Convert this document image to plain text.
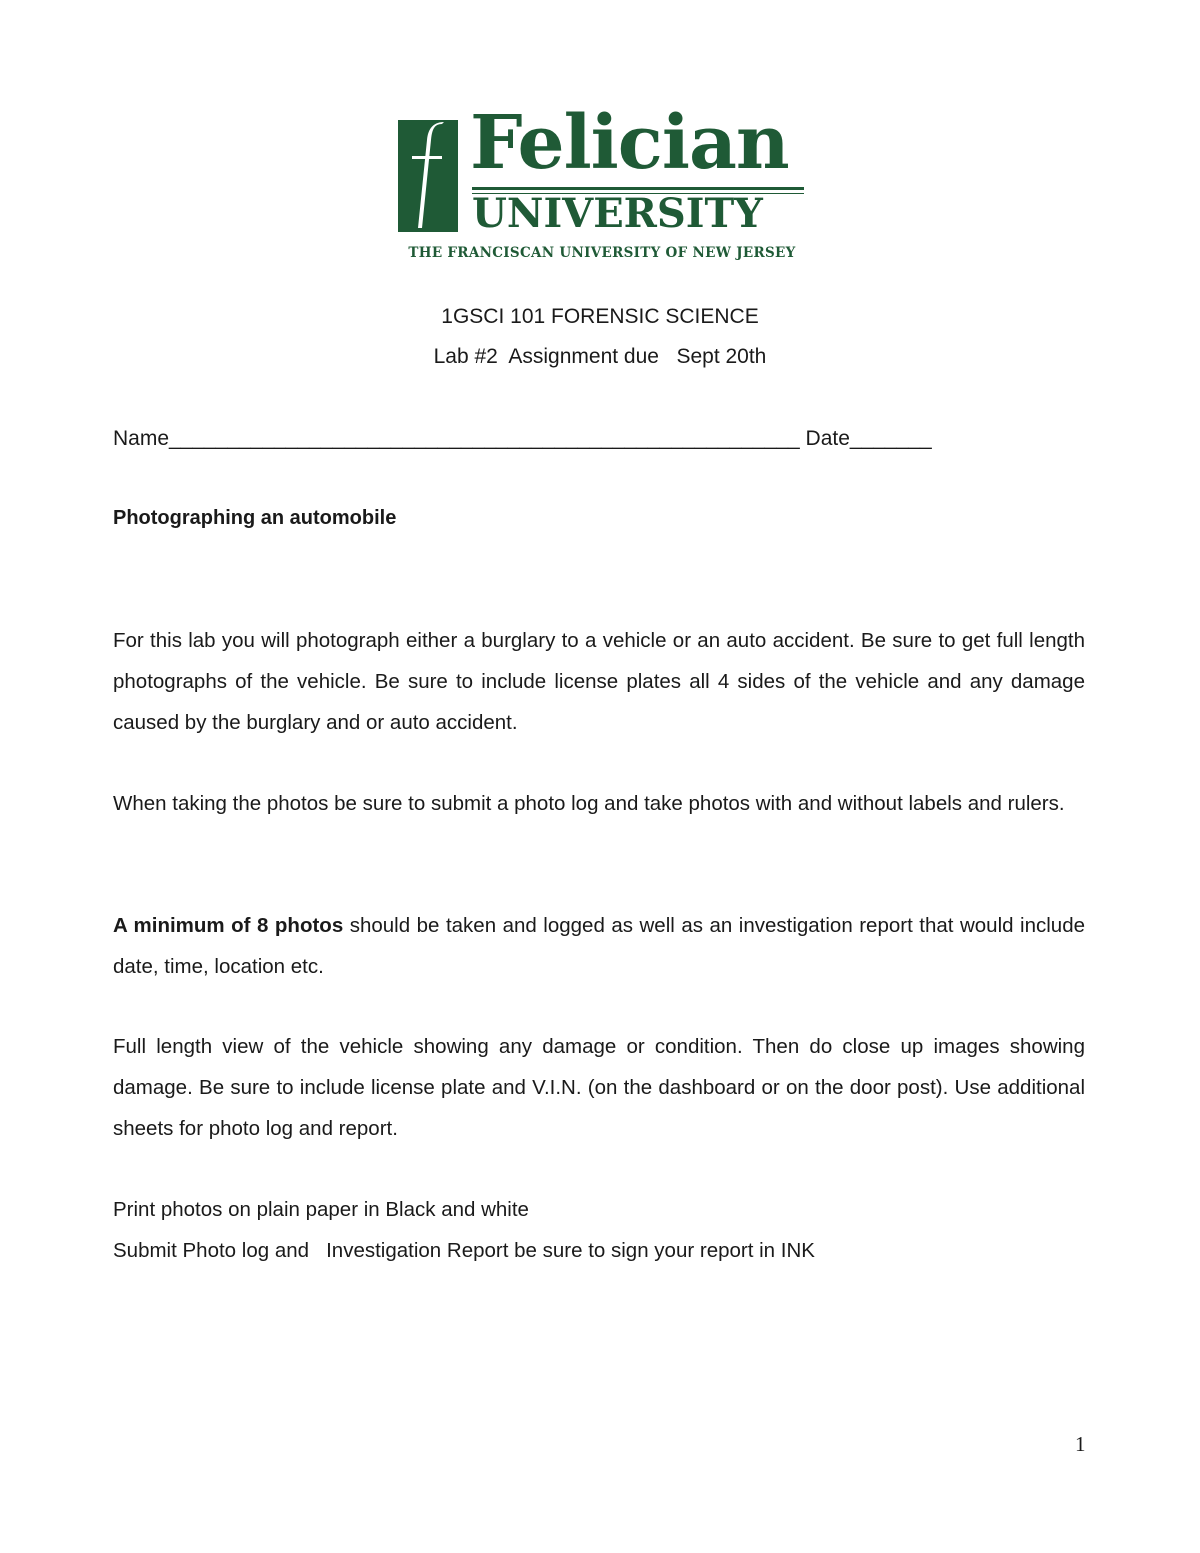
Felician
UNIVERSITY
THE FRANCISCAN UNIVERSITY OF NEW JERSEY
1GSCI 101 FORENSIC SCIENCE
Lab #2  Assignment due   Sept 20th
Name______________________________________________________ Date_______
Photographing an automobile
For this lab you will photograph either a burglary to a vehicle or an auto accident. Be sure to get full length photographs of the vehicle. Be sure to include license plates all 4 sides of the vehicle and any damage caused by the burglary and or auto accident.
When taking the photos be sure to submit a photo log and take photos with and without labels and rulers.
A minimum of 8 photos should be taken and logged as well as an investigation report that would include date, time, location etc.
Full length view of the vehicle showing any damage or condition. Then do close up images showing damage. Be sure to include license plate and V.I.N. (on the dashboard or on the door post). Use additional sheets for photo log and report.
Print photos on plain paper in Black and white
Submit Photo log and   Investigation Report be sure to sign your report in INK
1
